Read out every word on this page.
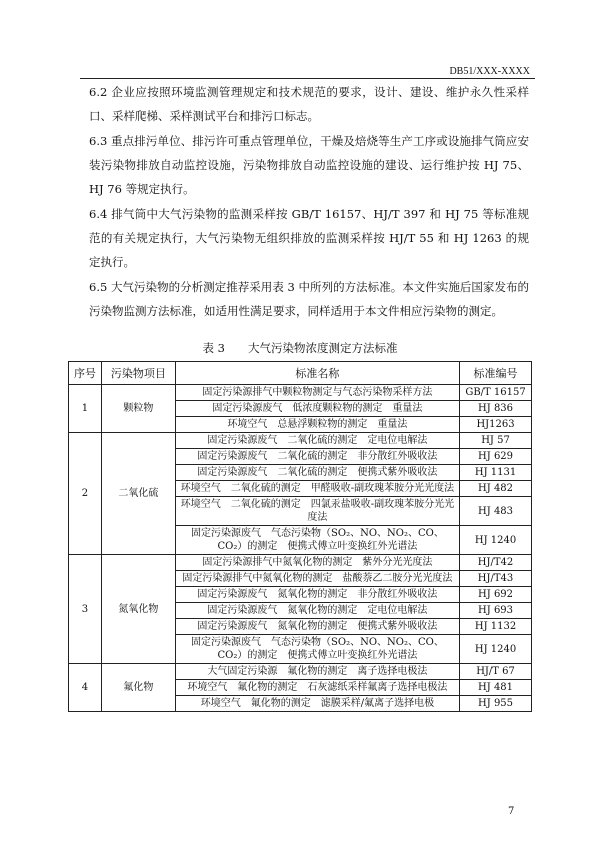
DB51/XXX-XXXX

6.2 企业应按照环境监测管理规定和技术规范的要求，设计、建设、维护永久性采样口、采样爬梯、采样测试平台和排污口标志。

6.3 重点排污单位、排污许可重点管理单位，干燥及焙烧等生产工序或设施排气筒应安装污染物排放自动监控设施，污染物排放自动监控设施的建设、运行维护按 HJ 75、HJ 76 等规定执行。

6.4 排气筒中大气污染物的监测采样按 GB/T 16157、HJ/T 397 和 HJ 75 等标准规范的有关规定执行，大气污染物无组织排放的监测采样按 HJ/T 55 和 HJ 1263 的规定执行。

6.5 大气污染物的分析测定推荐采用表 3 中所列的方法标准。本文件实施后国家发布的污染物监测方法标准，如适用性满足要求，同样适用于本文件相应污染物的测定。

表 3　　大气污染物浓度测定方法标准
序号	污染物项目	标准名称	标准编号
1	颗粒物	固定污染源排气中颗粒物测定与气态污染物采样方法	GB/T 16157
		固定污染源废气　低浓度颗粒物的测定　重量法	HJ 836
		环境空气　总悬浮颗粒物的测定　重量法	HJ1263
2	二氧化硫	固定污染源废气　二氧化硫的测定　定电位电解法	HJ 57
		固定污染源废气　二氧化硫的测定　非分散红外吸收法	HJ 629
		固定污染源废气　二氧化硫的测定　便携式紫外吸收法	HJ 1131
		环境空气　二氧化硫的测定　甲醛吸收-副玫瑰苯胺分光光度法	HJ 482
		环境空气　二氧化硫的测定　四氯汞盐吸收-副玫瑰苯胺分光光度法	HJ 483
		固定污染源废气　气态污染物（SO₂、NO、NO₂、CO、CO₂）的测定　便携式傅立叶变换红外光谱法	HJ 1240
3	氮氧化物	固定污染源排气中氮氧化物的测定　紫外分光光度法	HJ/T42
		固定污染源排气中氮氧化物的测定　盐酸萘乙二胺分光光度法	HJ/T43
		固定污染源废气　氮氧化物的测定　非分散红外吸收法	HJ 692
		固定污染源废气　氮氧化物的测定　定电位电解法	HJ 693
		固定污染源废气　氮氧化物的测定　便携式紫外吸收法	HJ 1132
		固定污染源废气　气态污染物（SO₂、NO、NO₂、CO、CO₂）的测定　便携式傅立叶变换红外光谱法	HJ 1240
4	氟化物	大气固定污染源　氟化物的测定　离子选择电极法	HJ/T 67
		环境空气　氟化物的测定　石灰滤纸采样氟离子选择电极法	HJ 481
		环境空气　氟化物的测定　滤膜采样/氟离子选择电极	HJ 955
7
